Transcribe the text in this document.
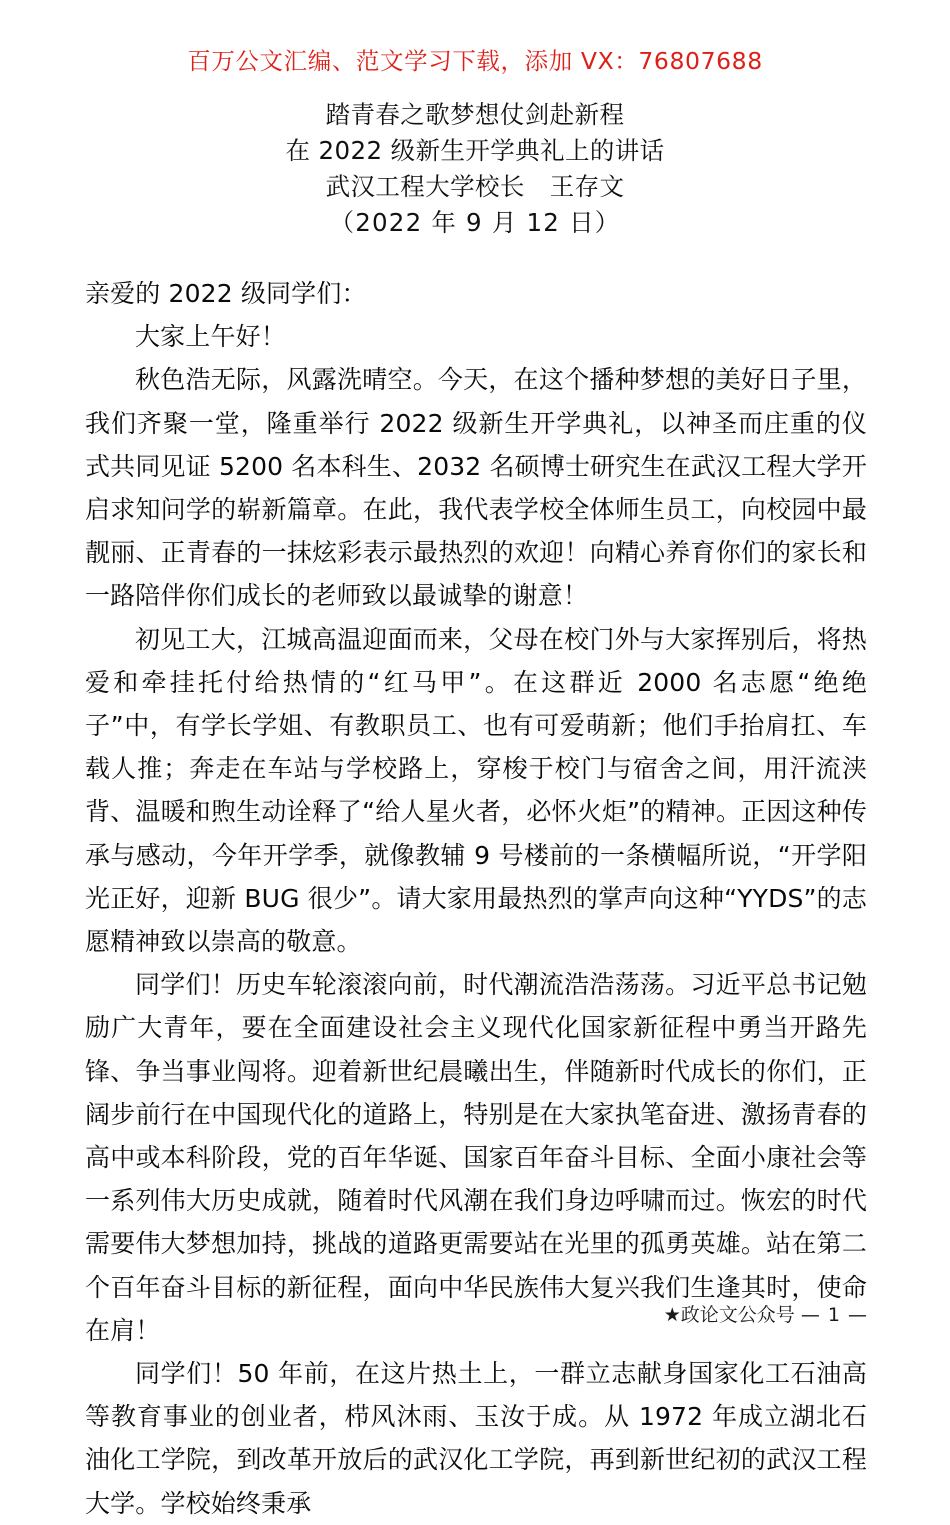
百万公文汇编、范文学习下载，添加 VX：76807688
踏青春之歌梦想仗剑赴新程
在 2022 级新生开学典礼上的讲话
武汉工程大学校长　王存文
（2022 年 9 月 12 日）

亲爱的 2022 级同学们：

大家上午好！

秋色浩无际，风露洗晴空。今天，在这个播种梦想的美好日子里，我们齐聚一堂，隆重举行 2022 级新生开学典礼，以神圣而庄重的仪式共同见证 5200 名本科生、2032 名硕博士研究生在武汉工程大学开启求知问学的崭新篇章。在此，我代表学校全体师生员工，向校园中最靓丽、正青春的一抹炫彩表示最热烈的欢迎！向精心养育你们的家长和一路陪伴你们成长的老师致以最诚挚的谢意！

初见工大，江城高温迎面而来，父母在校门外与大家挥别后，将热爱和牵挂托付给热情的“红马甲”。在这群近 2000 名志愿“绝绝子”中，有学长学姐、有教职员工、也有可爱萌新；他们手抬肩扛、车载人推；奔走在车站与学校路上，穿梭于校门与宿舍之间，用汗流浃背、温暖和煦生动诠释了“给人星火者，必怀火炬”的精神。正因这种传承与感动，今年开学季，就像教辅 9 号楼前的一条横幅所说，“开学阳光正好，迎新 BUG 很少”。请大家用最热烈的掌声向这种“YYDS”的志愿精神致以崇高的敬意。

同学们！历史车轮滚滚向前，时代潮流浩浩荡荡。习近平总书记勉励广大青年，要在全面建设社会主义现代化国家新征程中勇当开路先锋、争当事业闯将。迎着新世纪晨曦出生，伴随新时代成长的你们，正阔步前行在中国现代化的道路上，特别是在大家执笔奋进、激扬青春的高中或本科阶段，党的百年华诞、国家百年奋斗目标、全面小康社会等一系列伟大历史成就，随着时代风潮在我们身边呼啸而过。恢宏的时代需要伟大梦想加持，挑战的道路更需要站在光里的孤勇英雄。站在第二个百年奋斗目标的新征程，面向中华民族伟大复兴我们生逢其时，使命在肩！

同学们！50 年前，在这片热土上，一群立志献身国家化工石油高等教育事业的创业者，栉风沐雨、玉汝于成。从 1972 年成立湖北石油化工学院，到改革开放后的武汉化工学院，再到新世纪初的武汉工程大学。学校始终秉承

★政论文公众号 — 1 —
